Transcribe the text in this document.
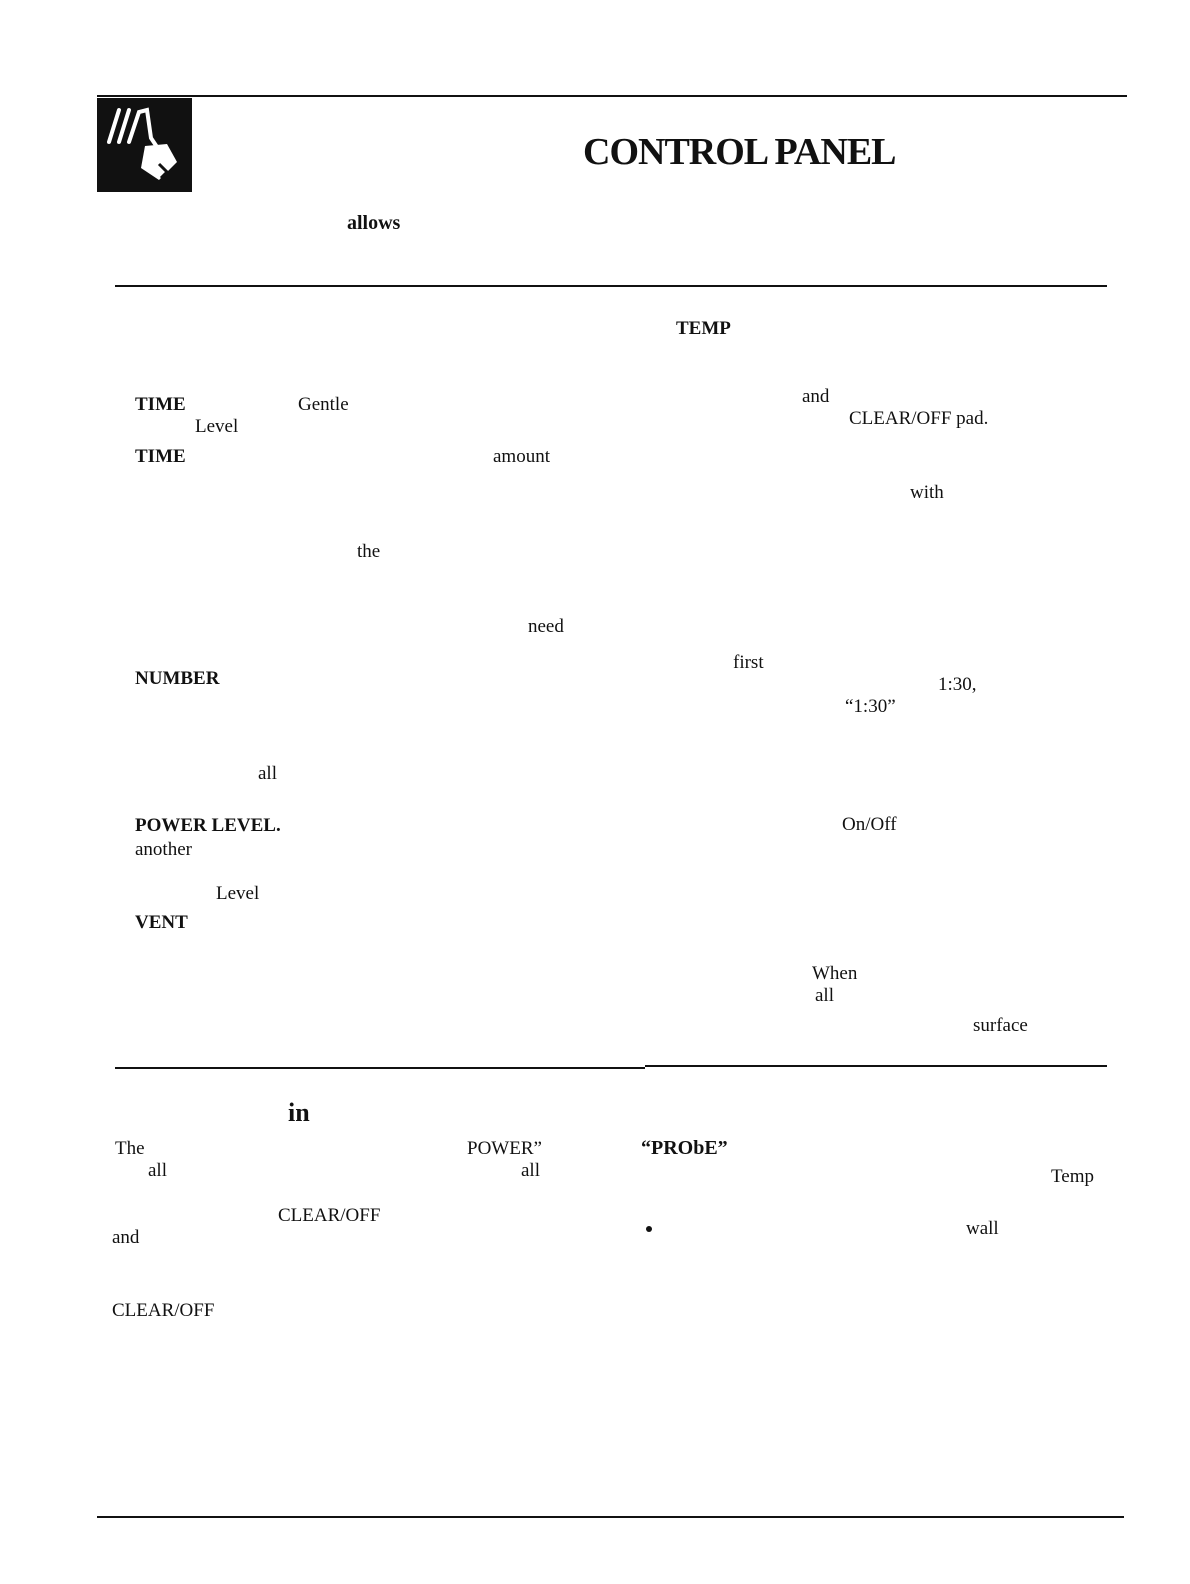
CONTROL PANEL
allows
TIME	Gentle
Level
TIME	amount
the
need
NUMBER
all
POWER LEVEL.
another
Level
VENT
TEMP
and
CLEAR/OFF pad.
with
first
1:30,
“1:30”
On/Off
When
all
surface
in
The	POWER”
all	all
CLEAR/OFF
and
CLEAR/OFF
“PRObE”
Temp
wall
